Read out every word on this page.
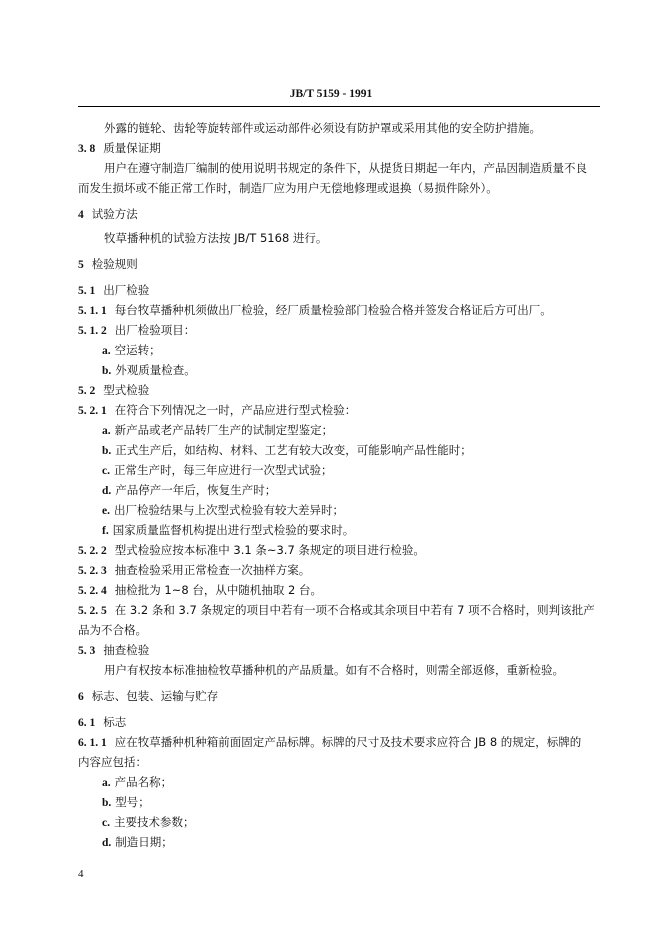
JB/T 5159 - 1991
外露的链轮、齿轮等旋转部件或运动部件必须设有防护罩或采用其他的安全防护措施。
3. 8 质量保证期
用户在遵守制造厂编制的使用说明书规定的条件下，从提货日期起一年内，产品因制造质量不良
而发生损坏或不能正常工作时，制造厂应为用户无偿地修理或退换（易损件除外）。
4 试验方法
牧草播种机的试验方法按 JB/T 5168 进行。
5 检验规则
5. 1 出厂检验
5. 1. 1 每台牧草播种机须做出厂检验，经厂质量检验部门检验合格并签发合格证后方可出厂。
5. 1. 2 出厂检验项目：
a. 空运转；
b. 外观质量检查。
5. 2 型式检验
5. 2. 1 在符合下列情况之一时，产品应进行型式检验：
a. 新产品或老产品转厂生产的试制定型鉴定；
b. 正式生产后，如结构、材料、工艺有较大改变，可能影响产品性能时；
c. 正常生产时，每三年应进行一次型式试验；
d. 产品停产一年后，恢复生产时；
e. 出厂检验结果与上次型式检验有较大差异时；
f. 国家质量监督机构提出进行型式检验的要求时。
5. 2. 2 型式检验应按本标准中 3.1 条~3.7 条规定的项目进行检验。
5. 2. 3 抽查检验采用正常检查一次抽样方案。
5. 2. 4 抽检批为 1~8 台，从中随机抽取 2 台。
5. 2. 5 在 3.2 条和 3.7 条规定的项目中若有一项不合格或其余项目中若有 7 项不合格时，则判该批产
品为不合格。
5. 3 抽查检验
用户有权按本标准抽检牧草播种机的产品质量。如有不合格时，则需全部返修，重新检验。
6 标志、包装、运输与贮存
6. 1 标志
6. 1. 1 应在牧草播种机种箱前面固定产品标牌。标牌的尺寸及技术要求应符合 JB 8 的规定，标牌的
内容应包括：
a. 产品名称；
b. 型号；
c. 主要技术参数；
d. 制造日期；
4
